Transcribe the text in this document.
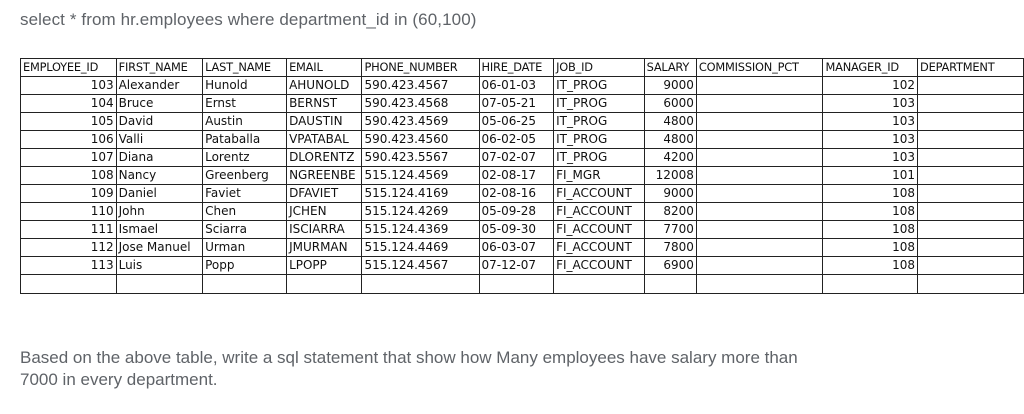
select * from hr.employees where department_id in (60,100)
EMPLOYEE_ID	FIRST_NAME	LAST_NAME	EMAIL	PHONE_NUMBER	HIRE_DATE	JOB_ID	SALARY	COMMISSION_PCT	MANAGER_ID	DEPARTMENT
103	Alexander	Hunold	AHUNOLD	590.423.4567	06-01-03	IT_PROG	9000		102	
104	Bruce	Ernst	BERNST	590.423.4568	07-05-21	IT_PROG	6000		103	
105	David	Austin	DAUSTIN	590.423.4569	05-06-25	IT_PROG	4800		103	
106	Valli	Pataballa	VPATABAL	590.423.4560	06-02-05	IT_PROG	4800		103	
107	Diana	Lorentz	DLORENTZ	590.423.5567	07-02-07	IT_PROG	4200		103	
108	Nancy	Greenberg	NGREENBE	515.124.4569	02-08-17	FI_MGR	12008		101	
109	Daniel	Faviet	DFAVIET	515.124.4169	02-08-16	FI_ACCOUNT	9000		108	
110	John	Chen	JCHEN	515.124.4269	05-09-28	FI_ACCOUNT	8200		108	
111	Ismael	Sciarra	ISCIARRA	515.124.4369	05-09-30	FI_ACCOUNT	7700		108	
112	Jose Manuel	Urman	JMURMAN	515.124.4469	06-03-07	FI_ACCOUNT	7800		108	
113	Luis	Popp	LPOPP	515.124.4567	07-12-07	FI_ACCOUNT	6900		108	

Based on the above table, write a sql statement that show how Many employees have salary more than 7000 in every department.
